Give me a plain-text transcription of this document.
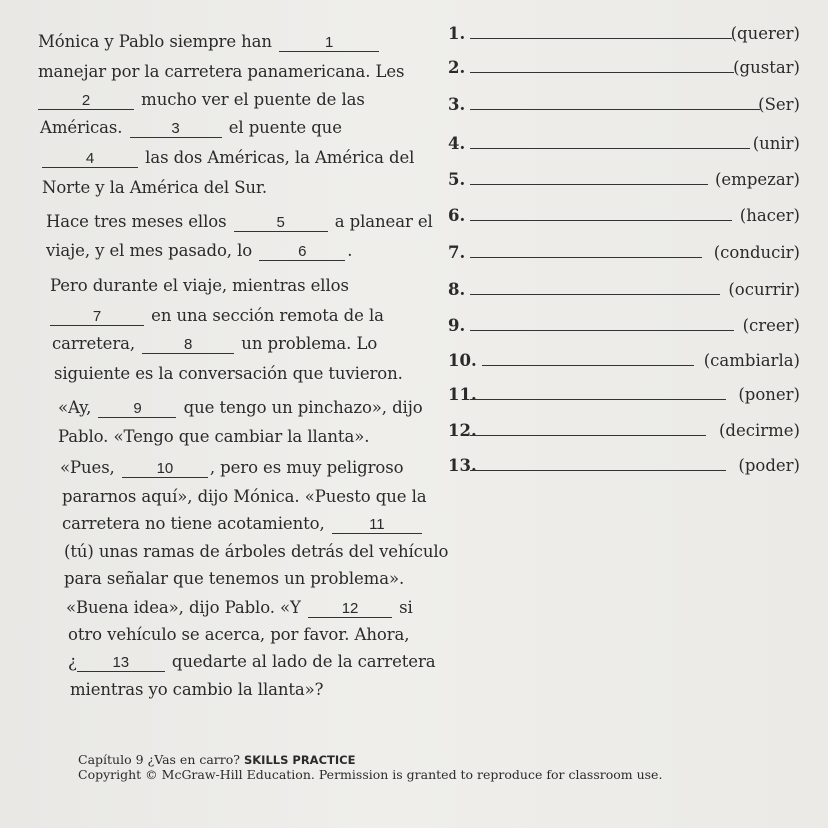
Mónica y Pablo siempre han	1
manejar por la carretera panamericana. Les
2	mucho ver el puente de las
Américas.	3	el puente que
4	las dos Américas, la América del
Norte y la América del Sur.
Hace tres meses ellos	5	a planear el
viaje, y el mes pasado, lo	6 .
Pero durante el viaje, mientras ellos
7	en una sección remota de la
carretera,	8	un problema. Lo
siguiente es la conversación que tuvieron.
«Ay,	9	que tengo un pinchazo», dijo
Pablo. «Tengo que cambiar la llanta».
«Pues,	10 , pero es muy peligroso
pararnos aquí», dijo Mónica. «Puesto que la
carretera no tiene acotamiento,	11
(tú) unas ramas de árboles detrás del vehículo
para señalar que tenemos un problema».
«Buena idea», dijo Pablo. «Y	12 si
otro vehículo se acerca, por favor. Ahora,
¿ 13	quedarte al lado de la carretera
mientras yo cambio la llanta»?
1.	(querer)
2.	(gustar)
3.	(Ser)
4.	(unir)
5.	(empezar)
6.	(hacer)
7.	(conducir)
8.	(ocurrir)
9.	(creer)
10.	(cambiarla)
11.	(poner)
12.	(decirme)
13.	(poder)
Capítulo 9 ¿Vas en carro? SKILLS PRACTICE
Copyright © McGraw-Hill Education. Permission is granted to reproduce for classroom use.
